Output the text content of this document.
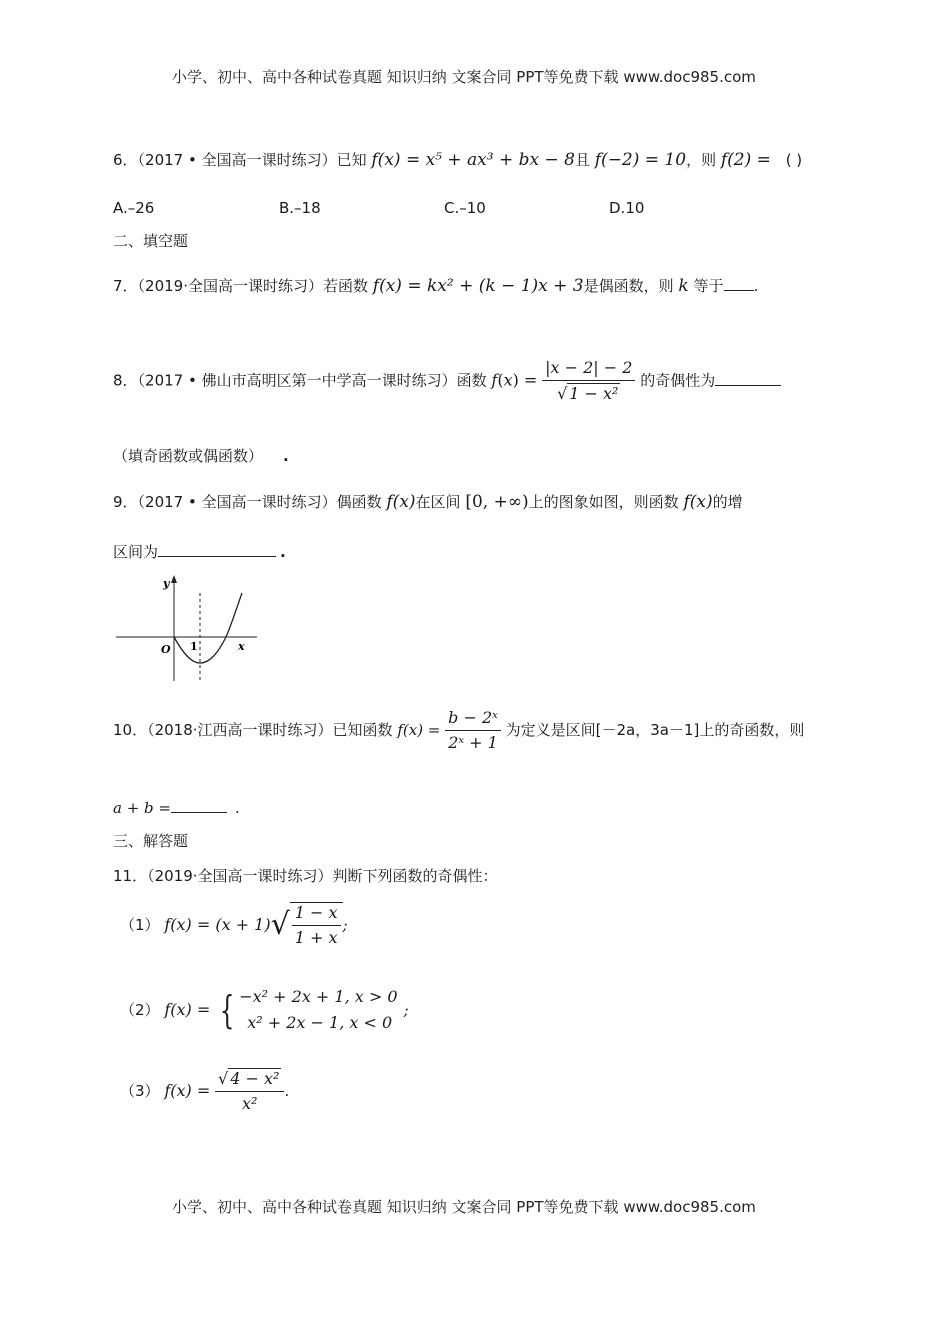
小学、初中、高中各种试卷真题 知识归纳 文案合同 PPT等免费下载 www.doc985.com
6．（2017 • 全国高一课时练习）已知 f(x) = x⁵ + ax³ + bx − 8且 f(−2) = 10，则 f(2) = ( )
A.–26	B.–18	C.–10	D.10
二、填空题
7．（2019·全国高一课时练习）若函数 f(x) = kx² + (k − 1)x + 3是偶函数，则 k 等于 .
8．（2017 • 佛山市高明区第一中学高一课时练习）函数 $f(x) = \frac{|x - 2| - 2}{\text{√ 1 − x²}}$ 的奇偶性为
（填奇函数或偶函数） .
9．（2017 • 全国高一课时练习）偶函数 f(x)在区间 [0, +∞)上的图象如图，则函数 f(x)的增
区间为	.
y
x
O 1
10．（2018·江西高一课时练习）已知函数 $f(x) = \frac{\text{b − 2ˣ}}{\text{2ˣ + 1}}$ 为定义是区间[－2a，3a－1]上的奇函数，则
a + b =	.
三、解答题
11．（2019·全国高一课时练习）判断下列函数的奇偶性：
（1） $f(x) = (x + 1)√ \frac{1 - x}{1 + x}$ ;
（2） f(x) = { −x² + 2x + 1, x > 0
x² + 2x − 1, x < 0
;
（3） $f(x) = \frac{\text{√ 4 − x²}}{\text{x²}}$ .
小学、初中、高中各种试卷真题 知识归纳 文案合同 PPT等免费下载 www.doc985.com
